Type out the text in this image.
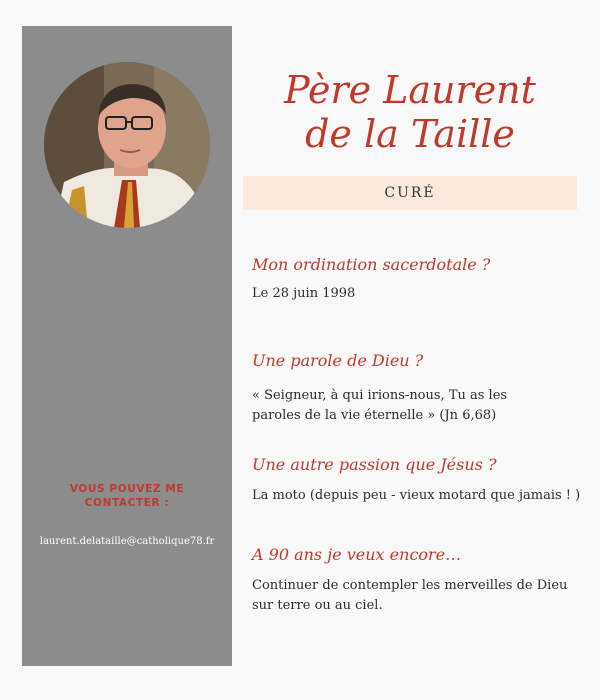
VOUS POUVEZ ME
CONTACTER :
laurent.delataille@catholique78.fr
Père Laurent
de la Taille
CURÉ

Mon ordination sacerdotale ?

Le 28 juin 1998

Une parole de Dieu ?

« Seigneur, à qui irions-nous, Tu as les
paroles de la vie éternelle » (Jn 6,68)

Une autre passion que Jésus ?

La moto (depuis peu - vieux motard que jamais ! )

A 90 ans je veux encore…

Continuer de contempler les merveilles de Dieu
sur terre ou au ciel.
